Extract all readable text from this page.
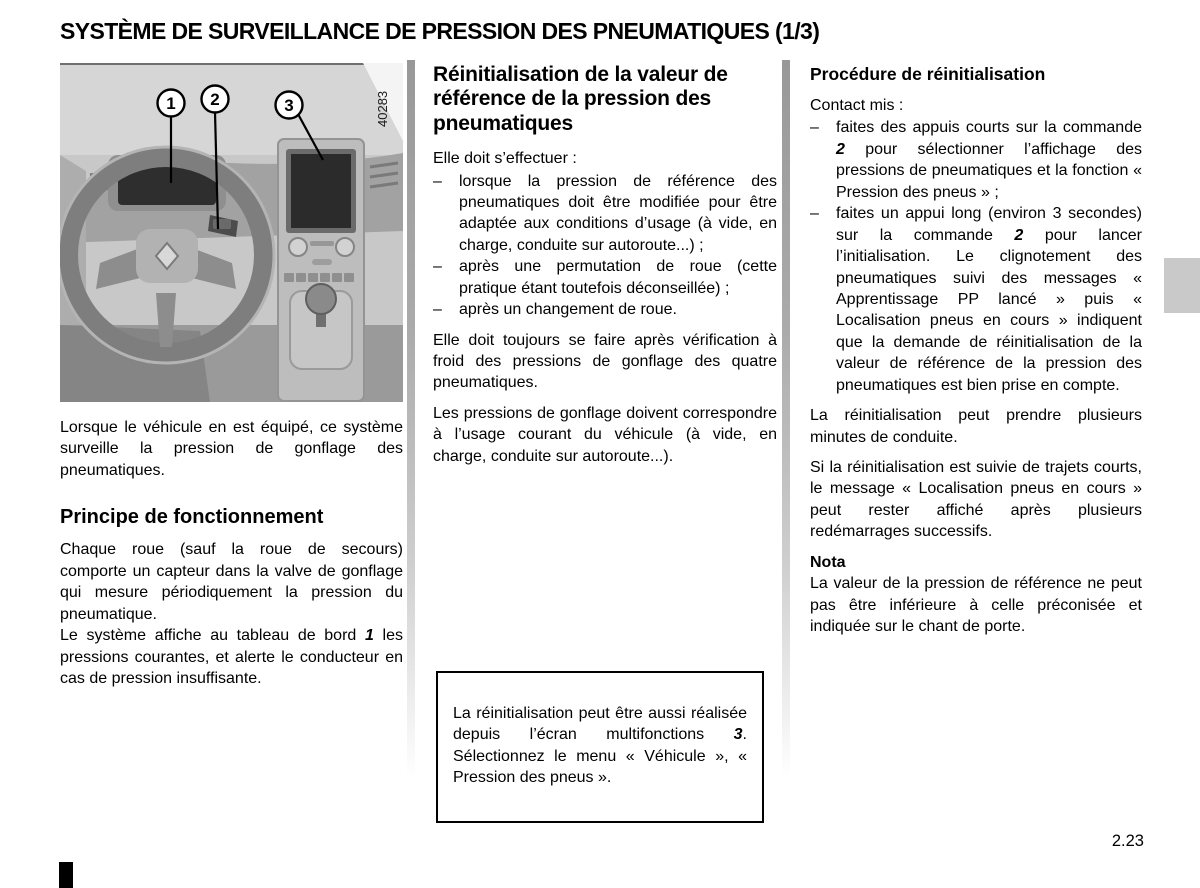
SYSTÈME DE SURVEILLANCE DE PRESSION DES PNEUMATIQUES (1/3)
40283
1 2	3

Lorsque le véhicule en est équipé, ce système surveille la pression de gonflage des pneumatiques.

Principe de fonctionnement

Chaque roue (sauf la roue de secours) comporte un capteur dans la valve de gonflage qui mesure périodiquement la pression du pneumatique.

Le système affiche au tableau de bord 1 les pressions courantes, et alerte le conducteur en cas de pression insuffisante.

Réinitialisation de la valeur de référence de la pression des pneumatiques

Elle doit s’effectuer :

–	lorsque la pression de référence des pneumatiques doit être modifiée pour être adaptée aux conditions d’usage (à vide, en charge, conduite sur autoroute...) ;
–	après une permutation de roue (cette pratique étant toutefois déconseillée) ;
–	après un changement de roue.

Elle doit toujours se faire après vérification à froid des pressions de gonflage des quatre pneumatiques.

Les pressions de gonflage doivent correspondre à l’usage courant du véhicule (à vide, en charge, conduite sur autoroute...).

La réinitialisation peut être aussi réalisée depuis l’écran multifonctions 3. Sélectionnez le menu « Véhicule », « Pression des pneus ».

Procédure de réinitialisation

Contact mis :

–	faites des appuis courts sur la commande 2 pour sélectionner l’affichage des pressions de pneumatiques et la fonction « Pression des pneus » ;
–	faites un appui long (environ 3 secondes) sur la commande 2 pour lancer l’initialisation. Le clignotement des pneumatiques suivi des messages « Apprentissage PP lancé » puis « Localisation pneus en cours » indiquent que la demande de réinitialisation de la valeur de référence de la pression des pneumatiques est bien prise en compte.

La réinitialisation peut prendre plusieurs minutes de conduite.

Si la réinitialisation est suivie de trajets courts, le message « Localisation pneus en cours » peut rester affiché après plusieurs redémarrages successifs.

Nota

La valeur de la pression de référence ne peut pas être inférieure à celle préconisée et indiquée sur le chant de porte.

2.23
